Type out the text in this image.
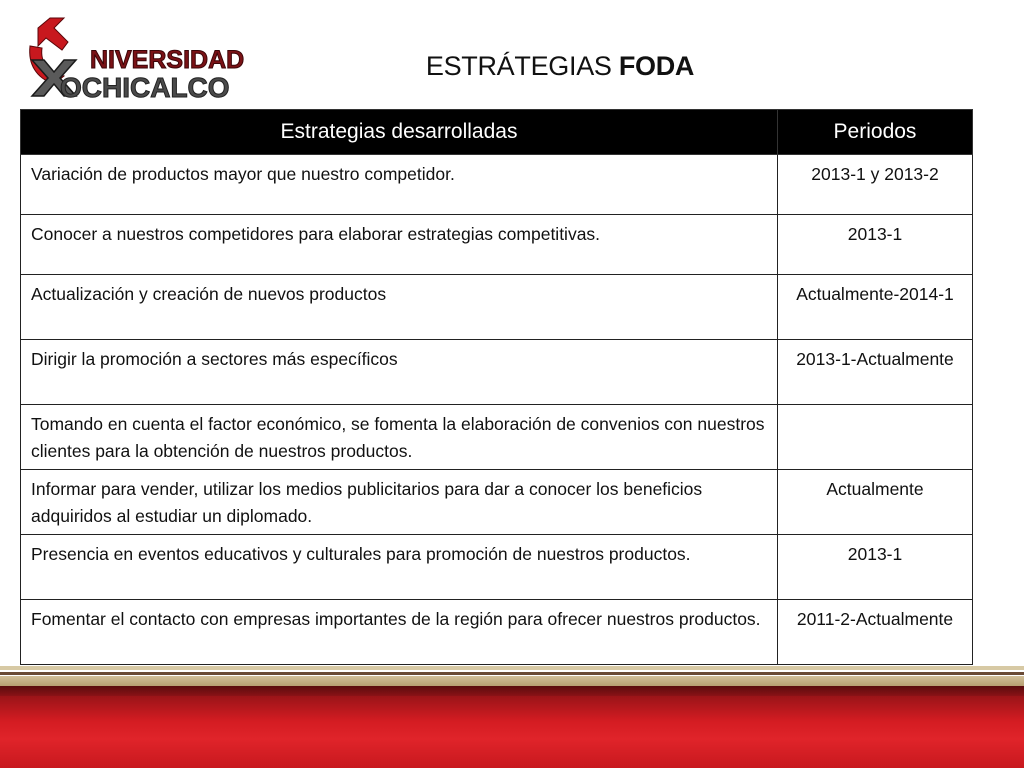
NIVERSIDAD
OCHICALCO
ESTRÁTEGIAS FODA
Estrategias desarrolladas	Periodos
Variación de productos mayor que nuestro competidor.	2013-1 y 2013-2
Conocer a nuestros competidores para elaborar estrategias competitivas.	2013-1
Actualización y creación de nuevos productos	Actualmente-2014-1
Dirigir la promoción a sectores más específicos	2013-1-Actualmente
Tomando en cuenta el factor económico, se fomenta la elaboración de convenios con nuestros clientes para la obtención de nuestros productos.	
Informar para vender, utilizar los medios publicitarios para dar a conocer los beneficios adquiridos al estudiar un diplomado.	Actualmente
Presencia en eventos educativos y culturales para promoción de nuestros productos.	2013-1
Fomentar el contacto con empresas importantes de la región para ofrecer nuestros productos.	2011-2-Actualmente
